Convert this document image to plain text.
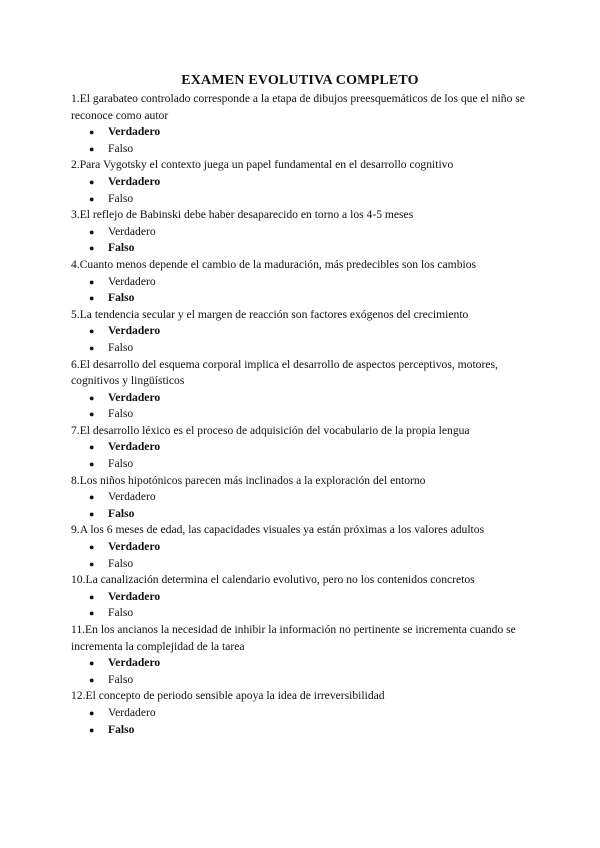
EXAMEN EVOLUTIVA COMPLETO

1.El garabateo controlado corresponde a la etapa de dibujos preesquemáticos de los que el niño se reconoce como autor

● Verdadero
● Falso

2.Para Vygotsky el contexto juega un papel fundamental en el desarrollo cognitivo

● Verdadero
● Falso

3.El reflejo de Babinski debe haber desaparecido en torno a los 4-5 meses

● Verdadero
● Falso

4.Cuanto menos depende el cambio de la maduración, más predecibles son los cambios

● Verdadero
● Falso

5.La tendencia secular y el margen de reacción son factores exógenos del crecimiento

● Verdadero
● Falso

6.El desarrollo del esquema corporal implica el desarrollo de aspectos perceptivos, motores, cognitivos y lingüísticos

● Verdadero
● Falso

7.El desarrollo léxico es el proceso de adquisición del vocabulario de la propia lengua

● Verdadero
● Falso

8.Los niños hipotónicos parecen más inclinados a la exploración del entorno

● Verdadero
● Falso

9.A los 6 meses de edad, las capacidades visuales ya están próximas a los valores adultos

● Verdadero
● Falso

10.La canalización determina el calendario evolutivo, pero no los contenidos concretos

● Verdadero
● Falso

11.En los ancianos la necesidad de inhibir la información no pertinente se incrementa cuando se incrementa la complejidad de la tarea

● Verdadero
● Falso

12.El concepto de periodo sensible apoya la idea de irreversibilidad

● Verdadero
● Falso
